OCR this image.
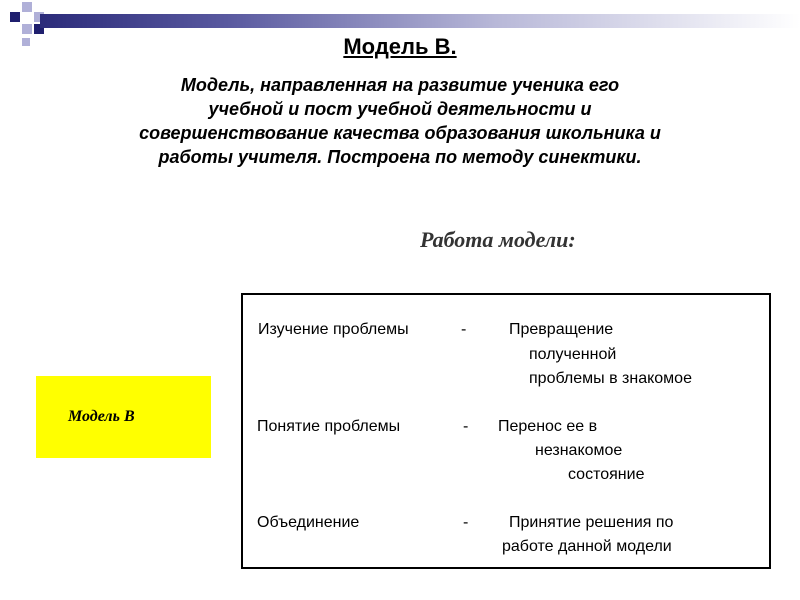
Модель В.
Модель, направленная на развитие ученика его
учебной и пост учебной деятельности и
совершенствование качества образования школьника и
работы учителя. Построена по методу синектики.
Работа модели:
Модель В
Изучение проблемы	-	Превращение
полученной
проблемы в знакомое
Понятие проблемы	- Перенос ее в
незнакомое
состояние
Объединение	-	Принятие решения по
работе данной модели
